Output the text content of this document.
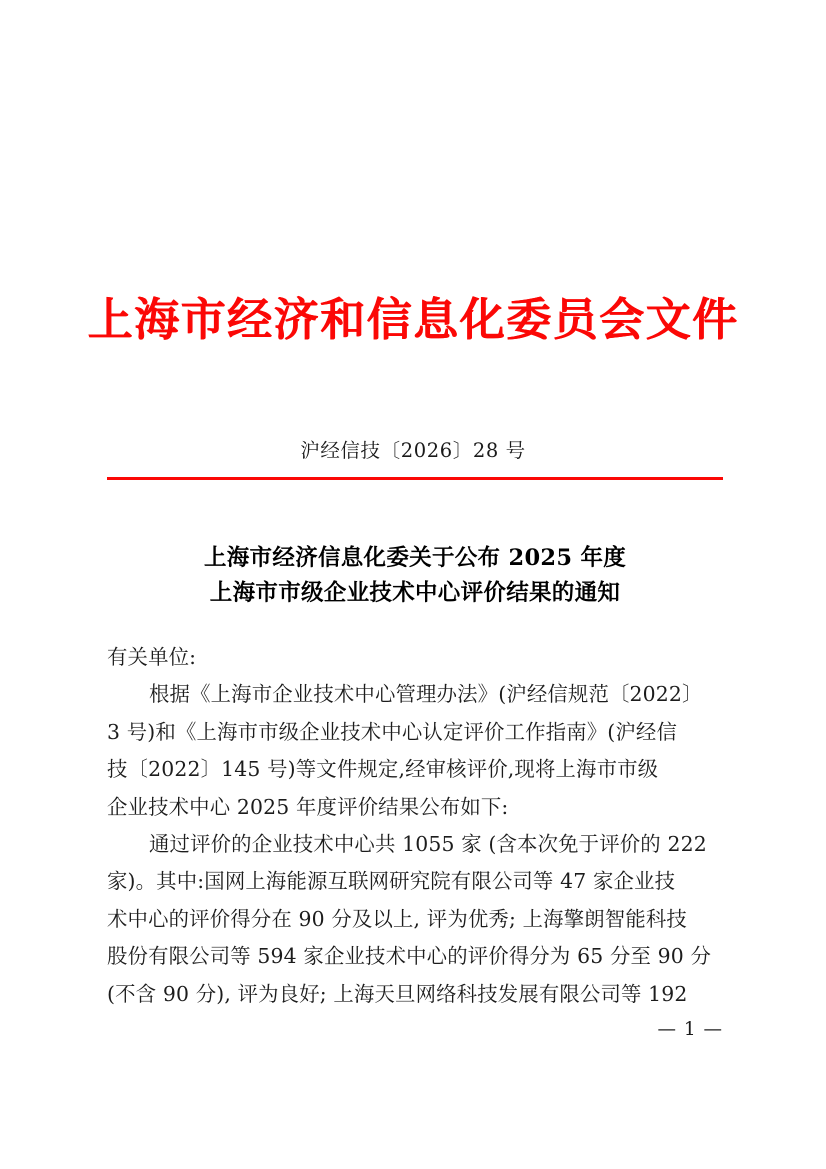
上海市经济和信息化委员会文件
沪经信技〔2026〕28 号
上海市经济信息化委关于公布 2025 年度
上海市市级企业技术中心评价结果的通知
有关单位:
根据《上海市企业技术中心管理办法》(沪经信规范〔2022〕
3 号)和《上海市市级企业技术中心认定评价工作指南》(沪经信
技〔2022〕145 号)等文件规定,经审核评价,现将上海市市级
企业技术中心 2025 年度评价结果公布如下:
通过评价的企业技术中心共 1055 家 (含本次免于评价的 222
家)。其中:国网上海能源互联网研究院有限公司等 47 家企业技
术中心的评价得分在 90 分及以上, 评为优秀; 上海擎朗智能科技
股份有限公司等 594 家企业技术中心的评价得分为 65 分至 90 分
(不含 90 分), 评为良好; 上海天旦网络科技发展有限公司等 192
— 1 —
